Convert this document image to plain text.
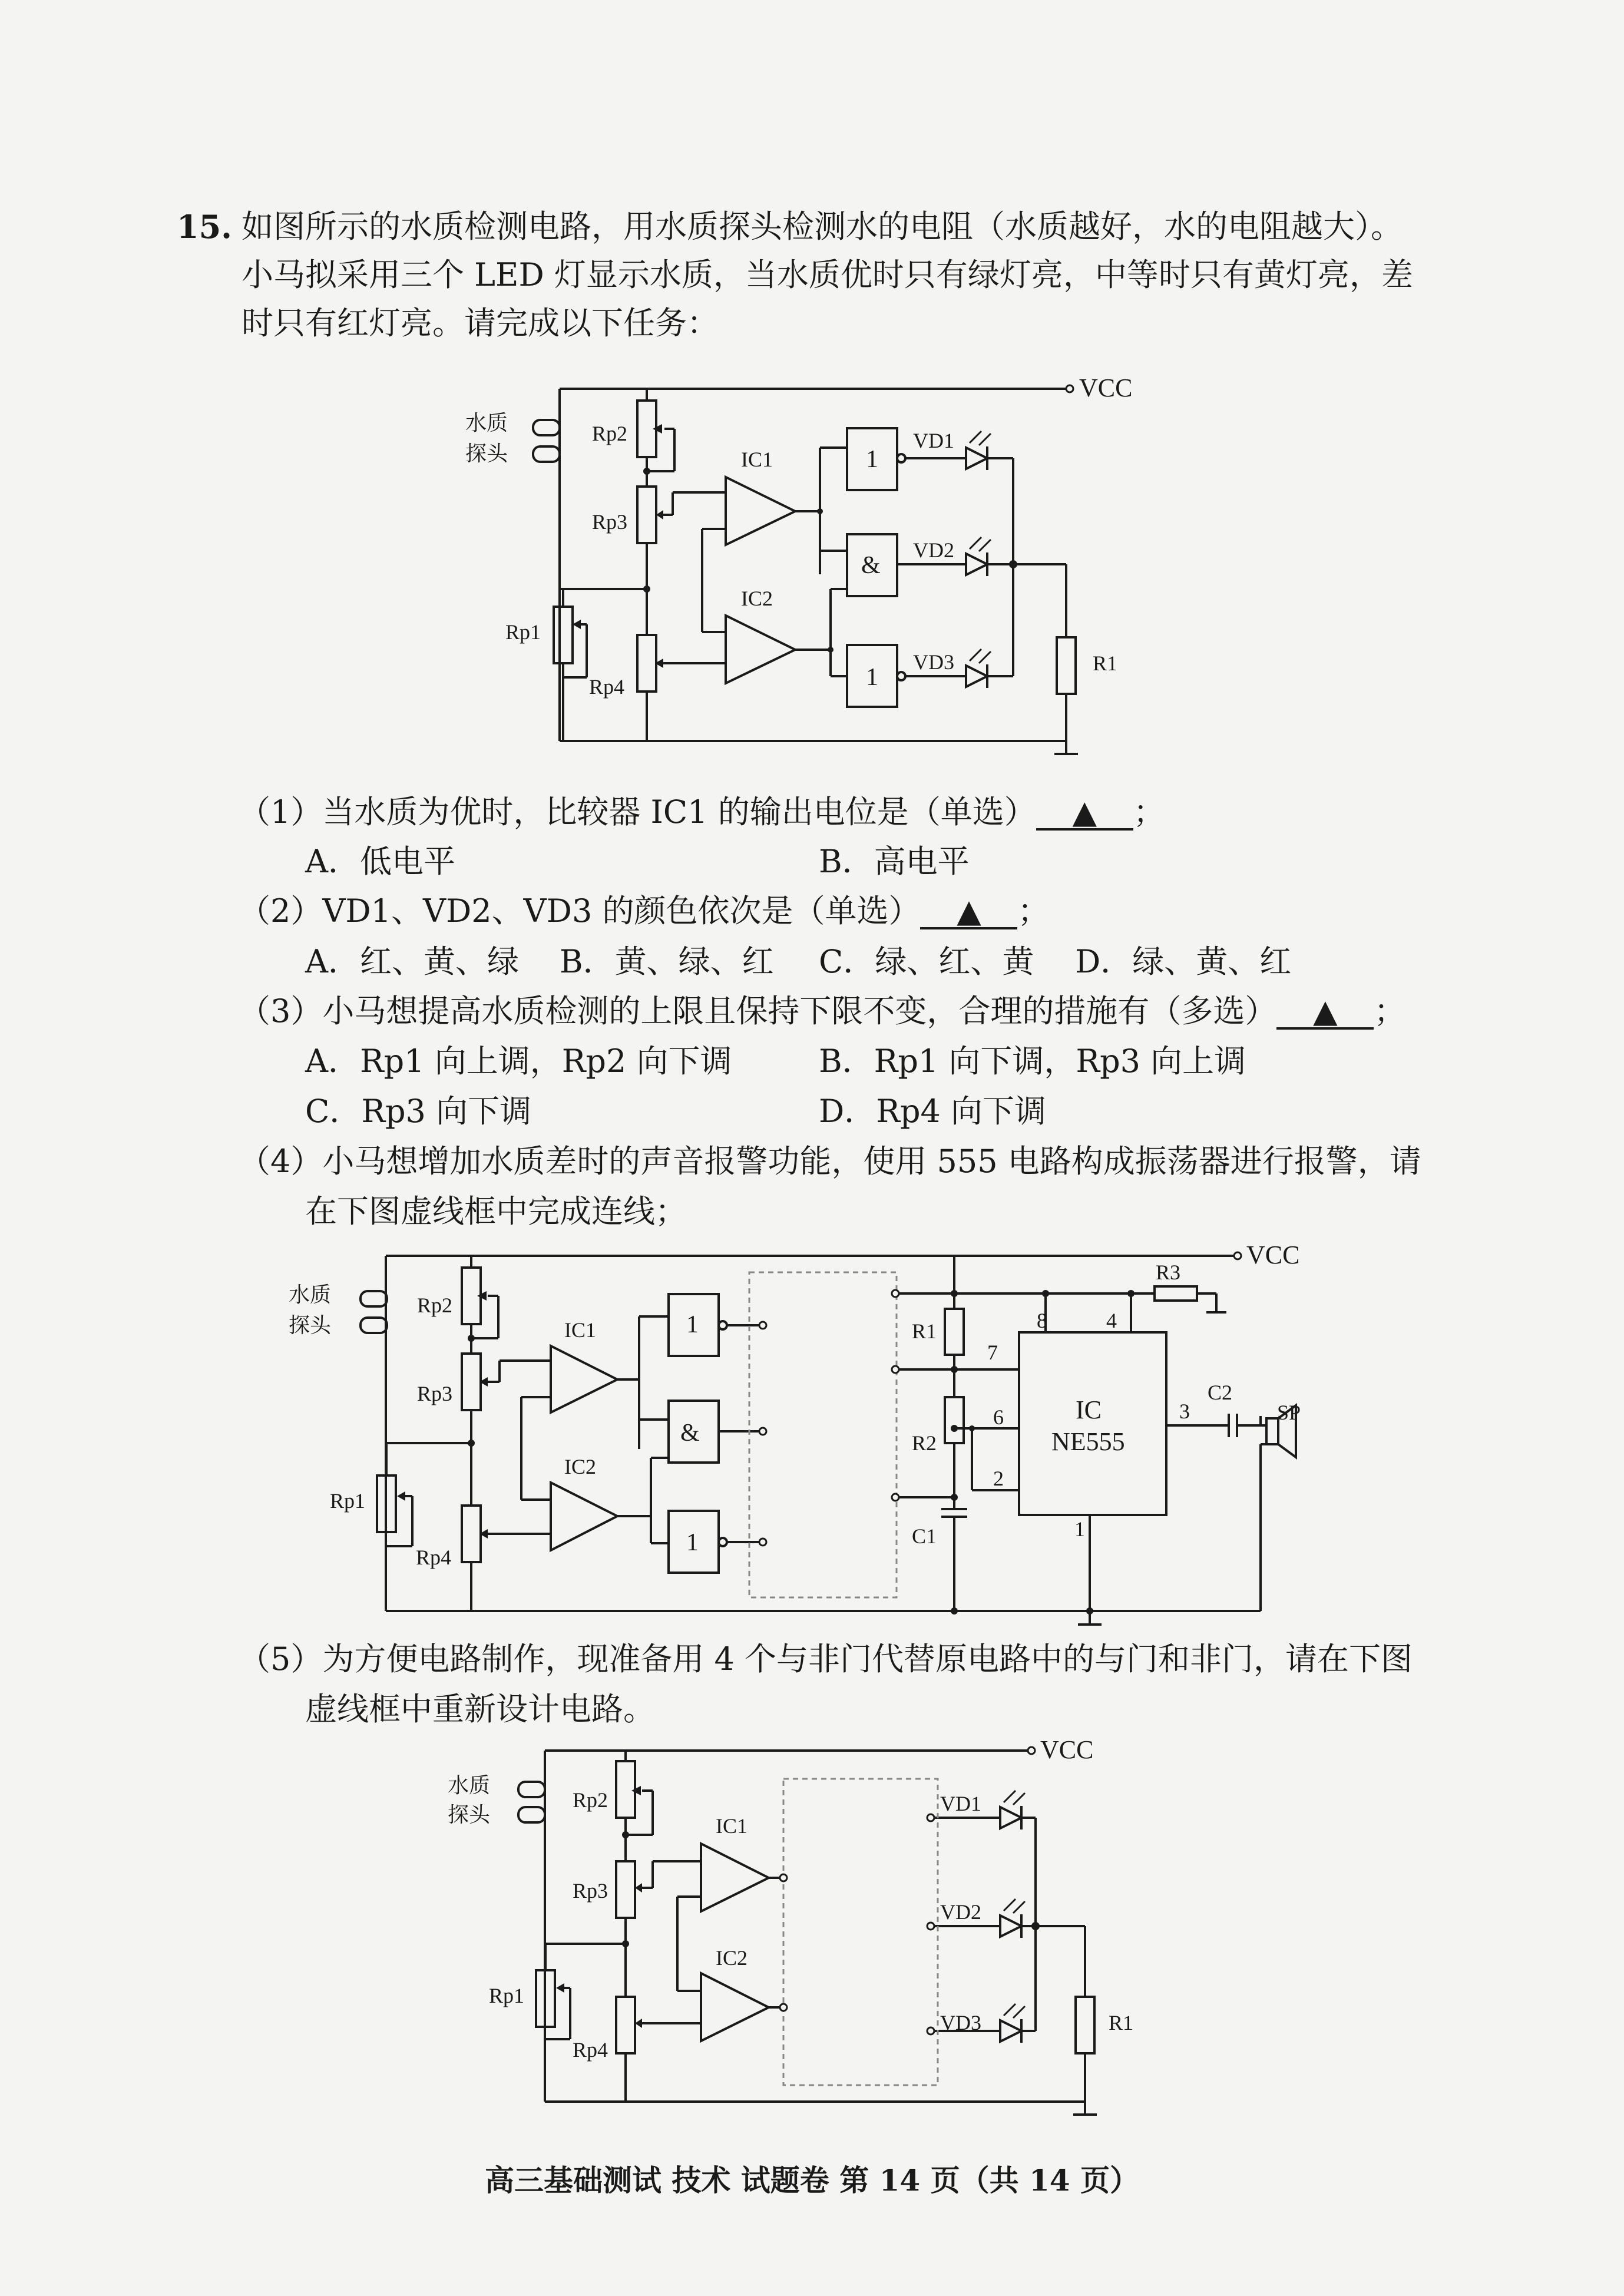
15. 如图所示的水质检测电路，用水质探头检测水的电阻（水质越好，水的电阻越大）。
小马拟采用三个 LED 灯显示水质，当水质优时只有绿灯亮，中等时只有黄灯亮，差
时只有红灯亮。请完成以下任务：
VCC
水质
探头
Rp2
Rp3
Rp1
Rp4
IC1
IC2
1
&
1
VD1
VD2
VD3	R1
（1）当水质为优时，比较器 IC1 的输出电位是（单选） ▲ ；
A．低电平	B．高电平
（2）VD1、VD2、VD3 的颜色依次是（单选） ▲ ；
A．红、黄、绿 B．黄、绿、红 C．绿、红、黄 D．绿、黄、红
（3）小马想提高水质检测的上限且保持下限不变，合理的措施有（多选） ▲ ；
A．Rp1 向上调，Rp2 向下调	B．Rp1 向下调，Rp3 向上调
C．Rp3 向下调	D．Rp4 向下调
（4）小马想增加水质差时的声音报警功能，使用 555 电路构成振荡器进行报警，请
在下图虚线框中完成连线；
VCC
水质
探头
Rp2
Rp3
Rp1
Rp4
IC1
IC2
1
&
1
R1
R2
C1
R3
C2
SP
IC
NE555
8	4
7
6
2
3
1
（5）为方便电路制作，现准备用 4 个与非门代替原电路中的与门和非门，请在下图
虚线框中重新设计电路。
VCC
水质
探头
Rp2
Rp3
Rp1
Rp4
IC1
IC2
VD1
VD2
VD3	R1
高三基础测试 技术 试题卷 第 14 页（共 14 页）
